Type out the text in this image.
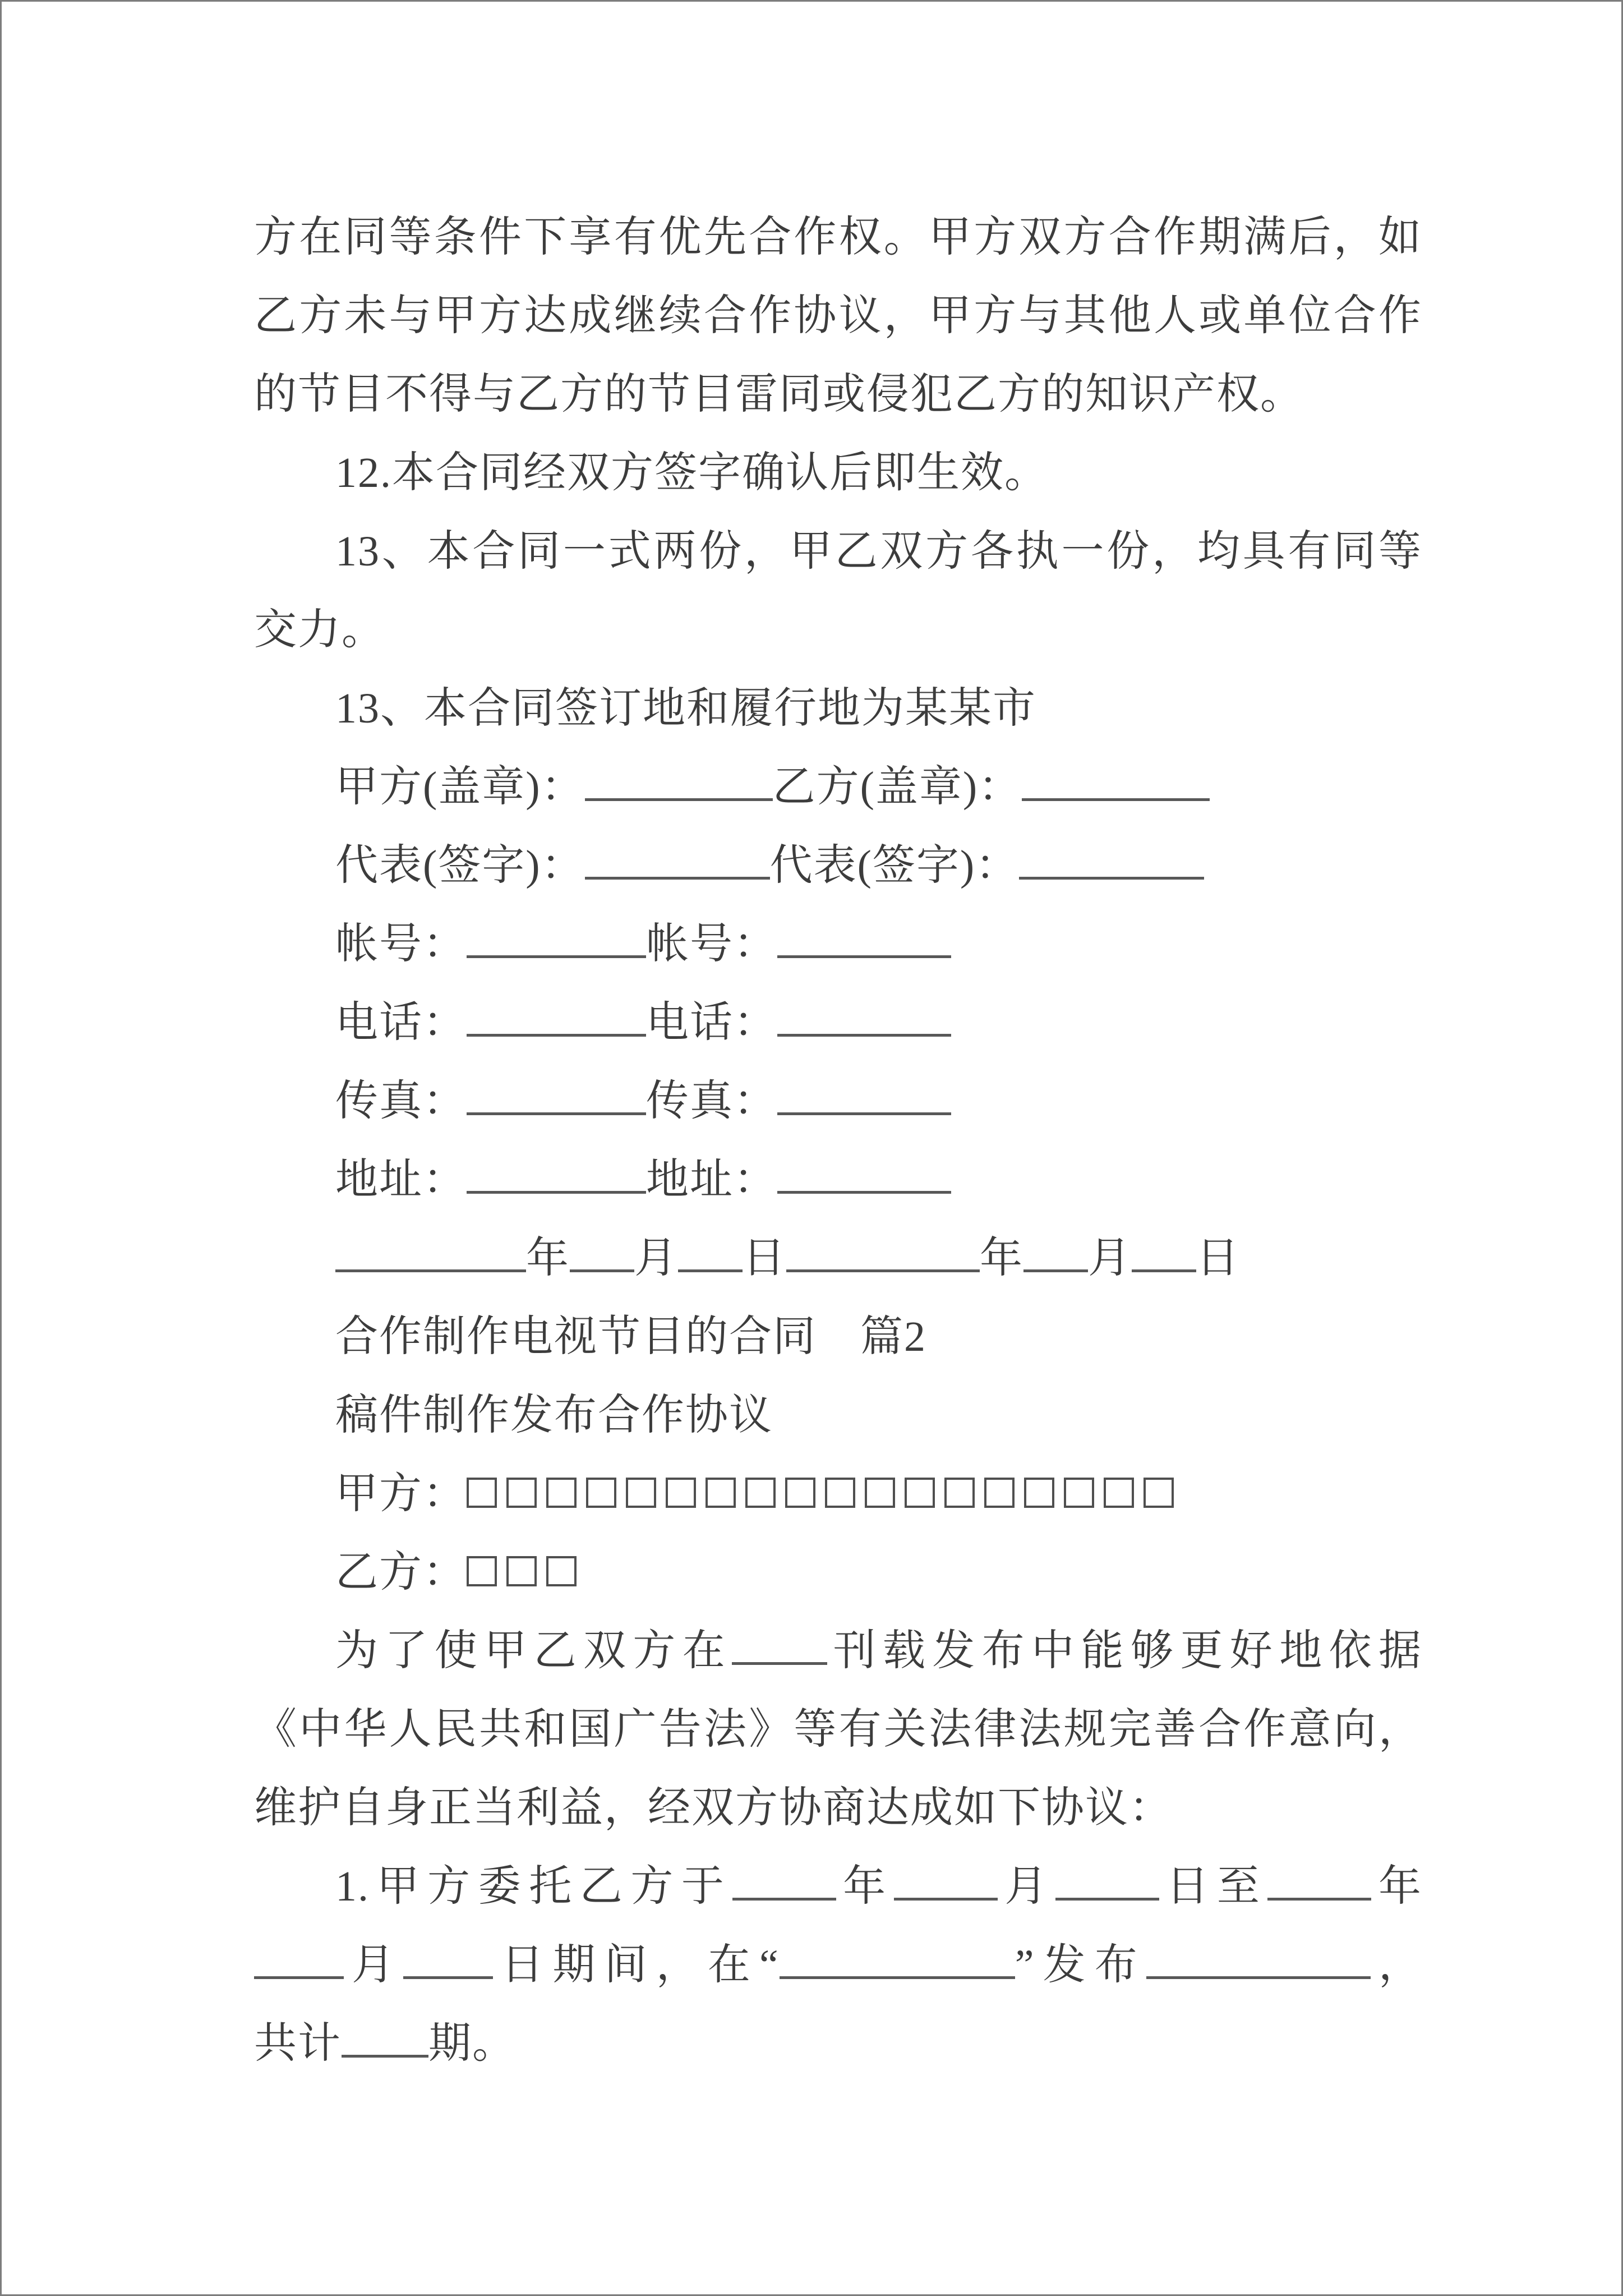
方在同等条件下享有优先合作权。甲方双方合作期满后，如
乙方未与甲方达成继续合作协议，甲方与其他人或单位合作
的节目不得与乙方的节目雷同或侵犯乙方的知识产权。
12.本合同经双方签字确认后即生效。
13、本合同一式两份，甲乙双方各执一份，均具有同等
交力。
13、本合同签订地和履行地为某某市
甲方(盖章)：	乙方(盖章)：
代表(签字)：	代表(签字)：
帐号：	帐号：
电话：	电话：
传真：	传真：
地址：	地址：
年 月 日	年 月 日
合作制作电视节目的合同　篇2
稿件制作发布合作协议
甲方：
乙方：
为了使甲乙双方在 刊载发布中能够更好地依据
《中华人民共和国广告法》等有关法律法规完善合作意向，
维护自身正当利益，经双方协商达成如下协议：
1.甲方委托乙方于 年 月 日至 年
月 日期间，在“	”发布	，
共计 期。
